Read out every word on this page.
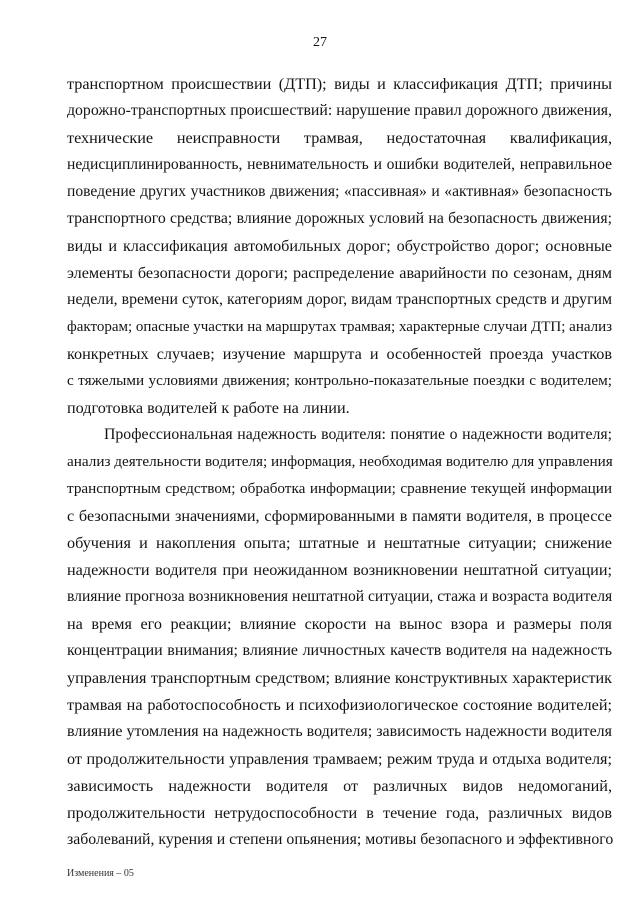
27
транспортном происшествии (ДТП); виды и классификация ДТП; причины
дорожно-транспортных происшествий: нарушение правил дорожного движения,
технические неисправности трамвая, недостаточная квалификация,
недисциплинированность, невнимательность и ошибки водителей, неправильное
поведение других участников движения; «пассивная» и «активная» безопасность
транспортного средства; влияние дорожных условий на безопасность движения;
виды и классификация автомобильных дорог; обустройство дорог; основные
элементы безопасности дороги; распределение аварийности по сезонам, дням
недели, времени суток, категориям дорог, видам транспортных средств и другим
факторам; опасные участки на маршрутах трамвая; характерные случаи ДТП; анализ
конкретных случаев; изучение маршрута и особенностей проезда участков
с тяжелыми условиями движения; контрольно-показательные поездки с водителем;
подготовка водителей к работе на линии.
Профессиональная надежность водителя: понятие о надежности водителя;
анализ деятельности водителя; информация, необходимая водителю для управления
транспортным средством; обработка информации; сравнение текущей информации
с безопасными значениями, сформированными в памяти водителя, в процессе
обучения и накопления опыта; штатные и нештатные ситуации; снижение
надежности водителя при неожиданном возникновении нештатной ситуации;
влияние прогноза возникновения нештатной ситуации, стажа и возраста водителя
на время его реакции; влияние скорости на вынос взора и размеры поля
концентрации внимания; влияние личностных качеств водителя на надежность
управления транспортным средством; влияние конструктивных характеристик
трамвая на работоспособность и психофизиологическое состояние водителей;
влияние утомления на надежность водителя; зависимость надежности водителя
от продолжительности управления трамваем; режим труда и отдыха водителя;
зависимость надежности водителя от различных видов недомоганий,
продолжительности нетрудоспособности в течение года, различных видов
заболеваний, курения и степени опьянения; мотивы безопасного и эффективного
Изменения – 05
